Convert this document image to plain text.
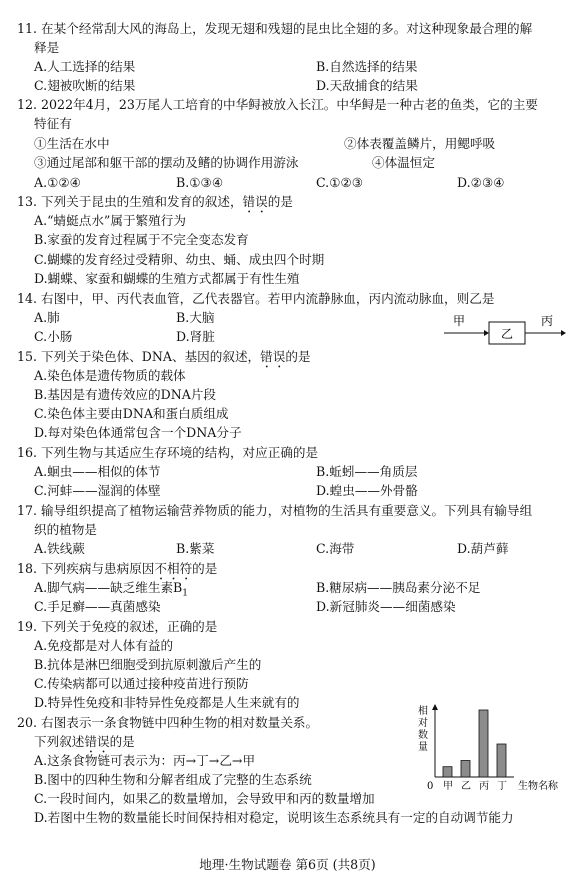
11. 在某个经常刮大风的海岛上，发现无翅和残翅的昆虫比全翅的多。对这种现象最合理的解
释是
A.人工选择的结果	B.自然选择的结果
C.翅被吹断的结果	D.天敌捕食的结果
12. 2022年4月，23万尾人工培育的中华鲟被放入长江。中华鲟是一种古老的鱼类，它的主要
特征有
①生活在水中	②体表覆盖鳞片，用鳃呼吸
③通过尾部和躯干部的摆动及鳍的协调作用游泳	④体温恒定
A.①②④	B.①③④	C.①②③	D.②③④
13. 下列关于昆虫的生殖和发育的叙述，错误的是
A.“蜻蜓点水”属于繁殖行为
B.家蚕的发育过程属于不完全变态发育
C.蝴蝶的发育经过受精卵、幼虫、蛹、成虫四个时期
D.蝴蝶、家蚕和蝴蝶的生殖方式都属于有性生殖
14. 右图中，甲、丙代表血管，乙代表器官。若甲内流静脉血，丙内流动脉血，则乙是
A.肺	B.大脑
C.小肠	D.肾脏
甲
乙
丙
15. 下列关于染色体、DNA、基因的叙述，错误的是
A.染色体是遗传物质的载体
B.基因是有遗传效应的DNA片段
C.染色体主要由DNA和蛋白质组成
D.每对染色体通常包含一个DNA分子
16. 下列生物与其适应生存环境的结构，对应正确的是
A.蛔虫——相似的体节	B.蚯蚓——角质层
C.河蚌——湿润的体壁	D.蝗虫——外骨骼
17. 输导组织提高了植物运输营养物质的能力，对植物的生活具有重要意义。下列具有输导组
织的植物是
A.铁线蕨	B.紫菜	C.海带	D.葫芦藓
18. 下列疾病与患病原因不相符的是
A.脚气病——缺乏维生素$B_1$	B.糖尿病——胰岛素分泌不足
C.手足癣——真菌感染	D.新冠肺炎——细菌感染
19. 下列关于免疫的叙述，正确的是
A.免疫都是对人体有益的
B.抗体是淋巴细胞受到抗原刺激后产生的
C.传染病都可以通过接种疫苗进行预防
D.特异性免疫和非特异性免疫都是人生来就有的
20. 右图表示一条食物链中四种生物的相对数量关系。
下列叙述错误的是
A.这条食物链可表示为：丙→丁→乙→甲
B.图中的四种生物和分解者组成了完整的生态系统
C.一段时间内，如果乙的数量增加，会导致甲和丙的数量增加
D.若图中生物的数量能长时间保持相对稳定，说明该生态系统具有一定的自动调节能力
相
对
数
量
0	生物名称
甲 乙 丙 丁
地理·生物试题卷 第6页 (共8页)
